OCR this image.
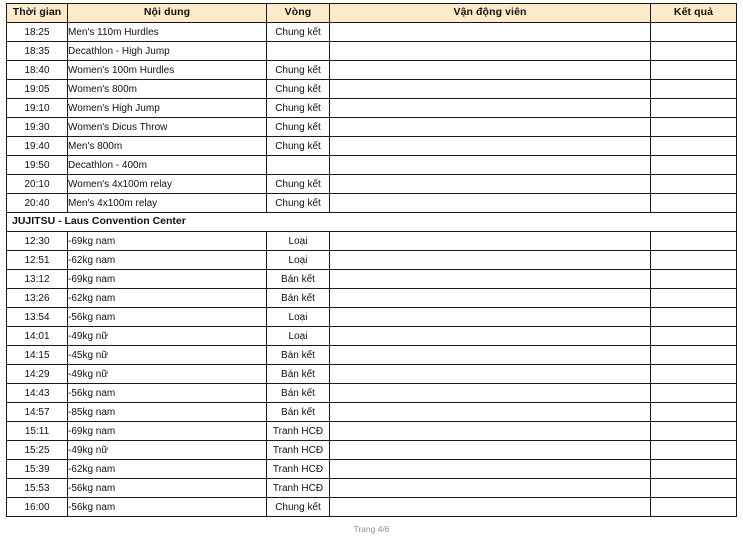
Thời gian	Nội dung	Vòng	Vận động viên	Kết quả
18:25	Men's 110m Hurdles	Chung kết		
18:35	Decathlon - High Jump			
18:40	Women's 100m Hurdles	Chung kết		
19:05	Women's 800m	Chung kết		
19:10	Women's High Jump	Chung kết		
19:30	Women's Dicus Throw	Chung kết		
19:40	Men's 800m	Chung kết		
19:50	Decathlon - 400m			
20:10	Women's 4x100m relay	Chung kết		
20:40	Men's 4x100m relay	Chung kết		
JUJITSU - Laus Convention Center				
12:30	-69kg nam	Loại		
12:51	-62kg nam	Loại		
13:12	-69kg nam	Bán kết		
13:26	-62kg nam	Bán kết		
13:54	-56kg nam	Loại		
14:01	-49kg nữ	Loại		
14:15	-45kg nữ	Bán kết		
14:29	-49kg nữ	Bán kết		
14:43	-56kg nam	Bán kết		
14:57	-85kg nam	Bán kết		
15:11	-69kg nam	Tranh HCĐ		
15:25	-49kg nữ	Tranh HCĐ		
15:39	-62kg nam	Tranh HCĐ		
15:53	-56kg nam	Tranh HCĐ		
16:00	-56kg nam	Chung kết		
Trang 4/6
